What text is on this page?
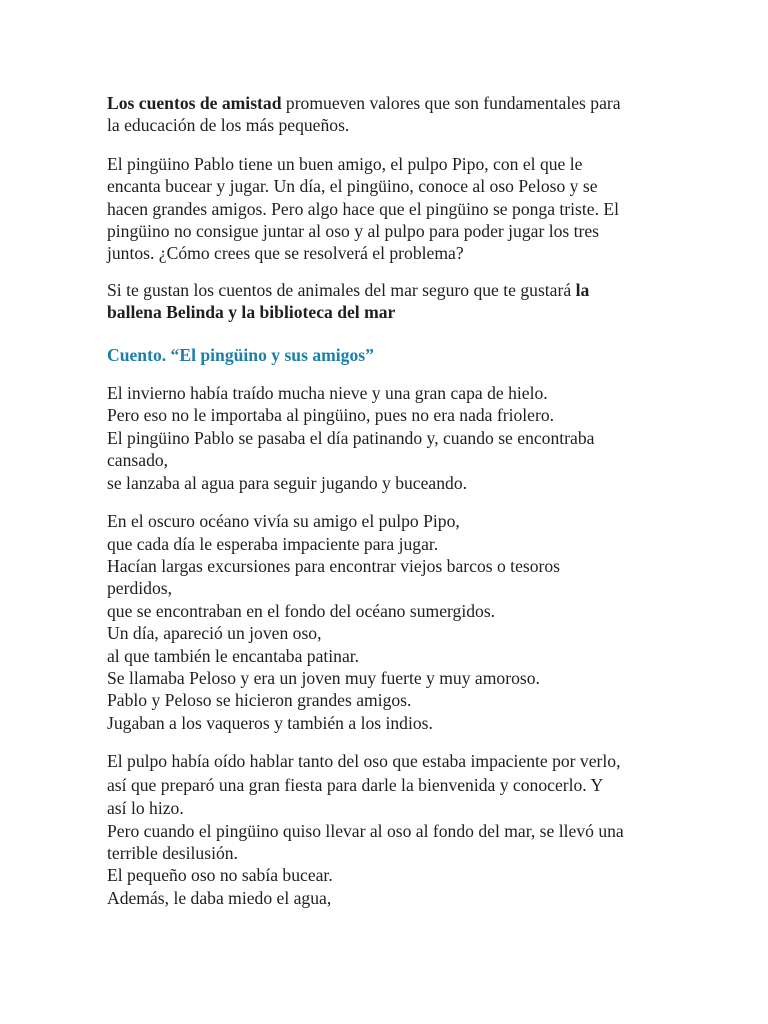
Los cuentos de amistad promueven valores que son fundamentales para
la educación de los más pequeños.

El pingüino Pablo tiene un buen amigo, el pulpo Pipo, con el que le
encanta bucear y jugar. Un día, el pingüino, conoce al oso Peloso y se
hacen grandes amigos. Pero algo hace que el pingüino se ponga triste. El
pingüino no consigue juntar al oso y al pulpo para poder jugar los tres
juntos. ¿Cómo crees que se resolverá el problema?

Si te gustan los cuentos de animales del mar seguro que te gustará la
ballena Belinda y la biblioteca del mar

Cuento. “El pingüino y sus amigos”

El invierno había traído mucha nieve y una gran capa de hielo.
Pero eso no le importaba al pingüino, pues no era nada friolero.
El pingüino Pablo se pasaba el día patinando y, cuando se encontraba
cansado,
se lanzaba al agua para seguir jugando y buceando.

En el oscuro océano vivía su amigo el pulpo Pipo,
que cada día le esperaba impaciente para jugar.
Hacían largas excursiones para encontrar viejos barcos o tesoros
perdidos,
que se encontraban en el fondo del océano sumergidos.
Un día, apareció un joven oso,
al que también le encantaba patinar.
Se llamaba Peloso y era un joven muy fuerte y muy amoroso.
Pablo y Peloso se hicieron grandes amigos.
Jugaban a los vaqueros y también a los indios.

El pulpo había oído hablar tanto del oso que estaba impaciente por verlo,
así que preparó una gran fiesta para darle la bienvenida y conocerlo. Y
así lo hizo.
Pero cuando el pingüino quiso llevar al oso al fondo del mar, se llevó una
terrible desilusión.
El pequeño oso no sabía bucear.
Además, le daba miedo el agua,
